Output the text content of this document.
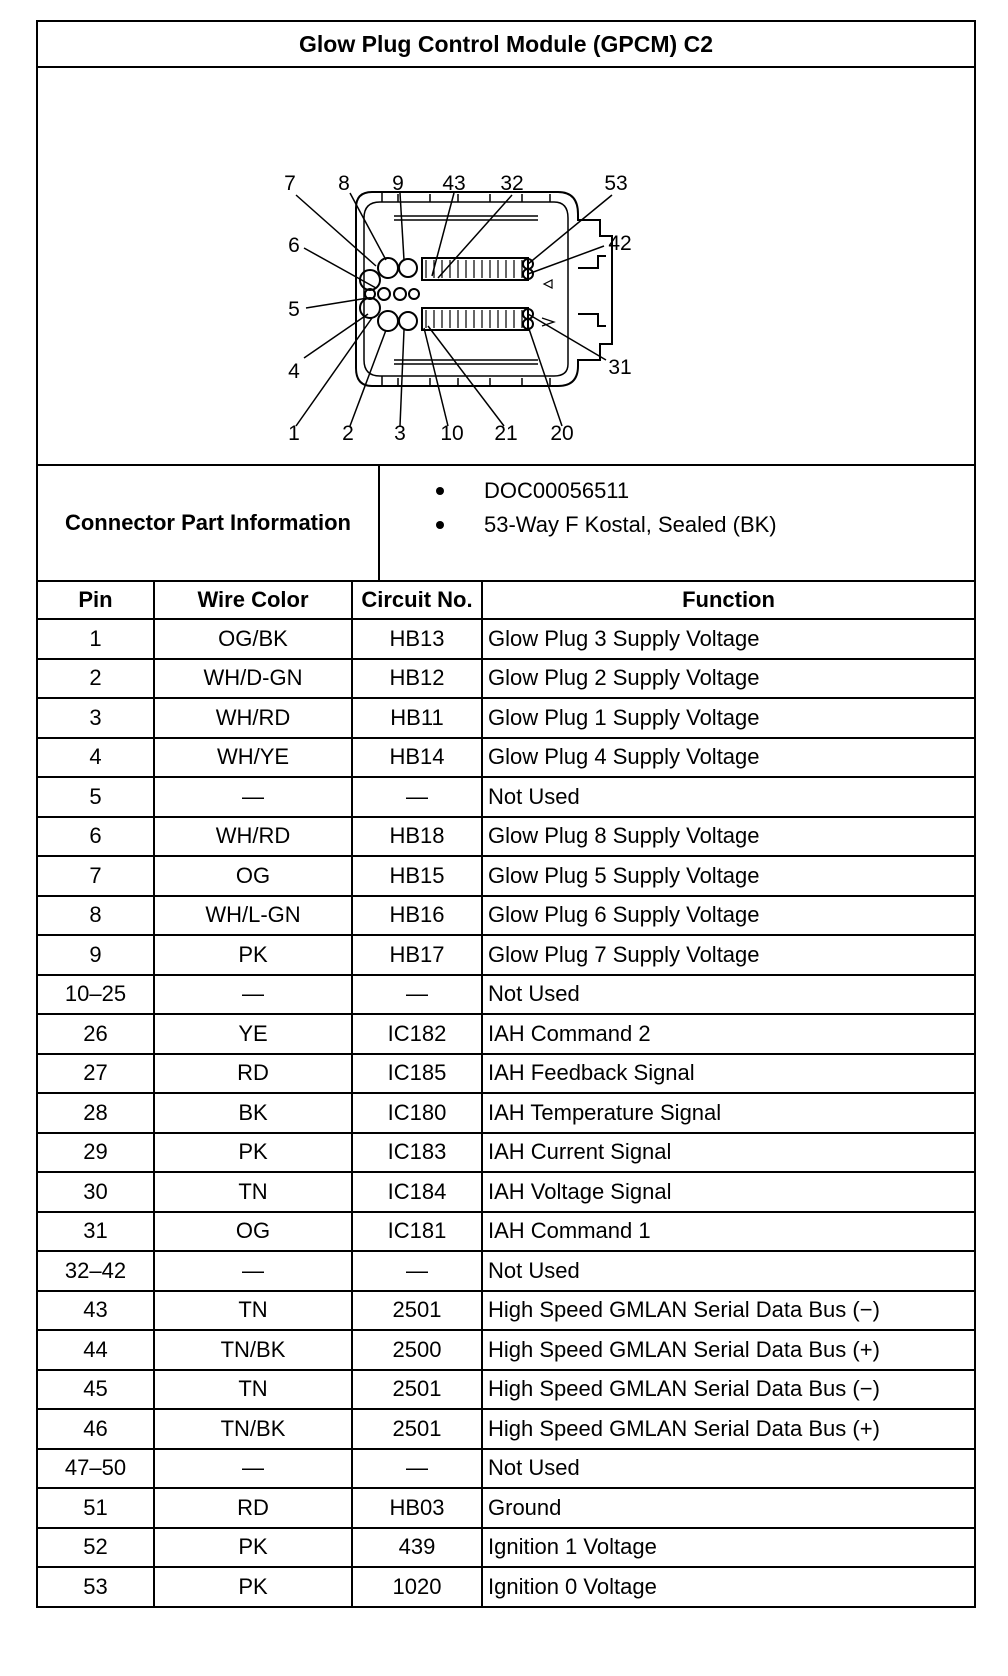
Glow Plug Control Module (GPCM) C2
7 8 9 43 32	53
42
6
5
4	31
1 2 3 10 21 20
Connector Part Information
DOC00056511
53-Way F Kostal, Sealed (BK)
Pin	Wire Color	Circuit No.	Function
1	OG/BK	HB13	Glow Plug 3 Supply Voltage
2	WH/D-GN	HB12	Glow Plug 2 Supply Voltage
3	WH/RD	HB11	Glow Plug 1 Supply Voltage
4	WH/YE	HB14	Glow Plug 4 Supply Voltage
5	—	—	Not Used
6	WH/RD	HB18	Glow Plug 8 Supply Voltage
7	OG	HB15	Glow Plug 5 Supply Voltage
8	WH/L-GN	HB16	Glow Plug 6 Supply Voltage
9	PK	HB17	Glow Plug 7 Supply Voltage
10–25	—	—	Not Used
26	YE	IC182	IAH Command 2
27	RD	IC185	IAH Feedback Signal
28	BK	IC180	IAH Temperature Signal
29	PK	IC183	IAH Current Signal
30	TN	IC184	IAH Voltage Signal
31	OG	IC181	IAH Command 1
32–42	—	—	Not Used
43	TN	2501	High Speed GMLAN Serial Data Bus (−)
44	TN/BK	2500	High Speed GMLAN Serial Data Bus (+)
45	TN	2501	High Speed GMLAN Serial Data Bus (−)
46	TN/BK	2501	High Speed GMLAN Serial Data Bus (+)
47–50	—	—	Not Used
51	RD	HB03	Ground
52	PK	439	Ignition 1 Voltage
53	PK	1020	Ignition 0 Voltage
